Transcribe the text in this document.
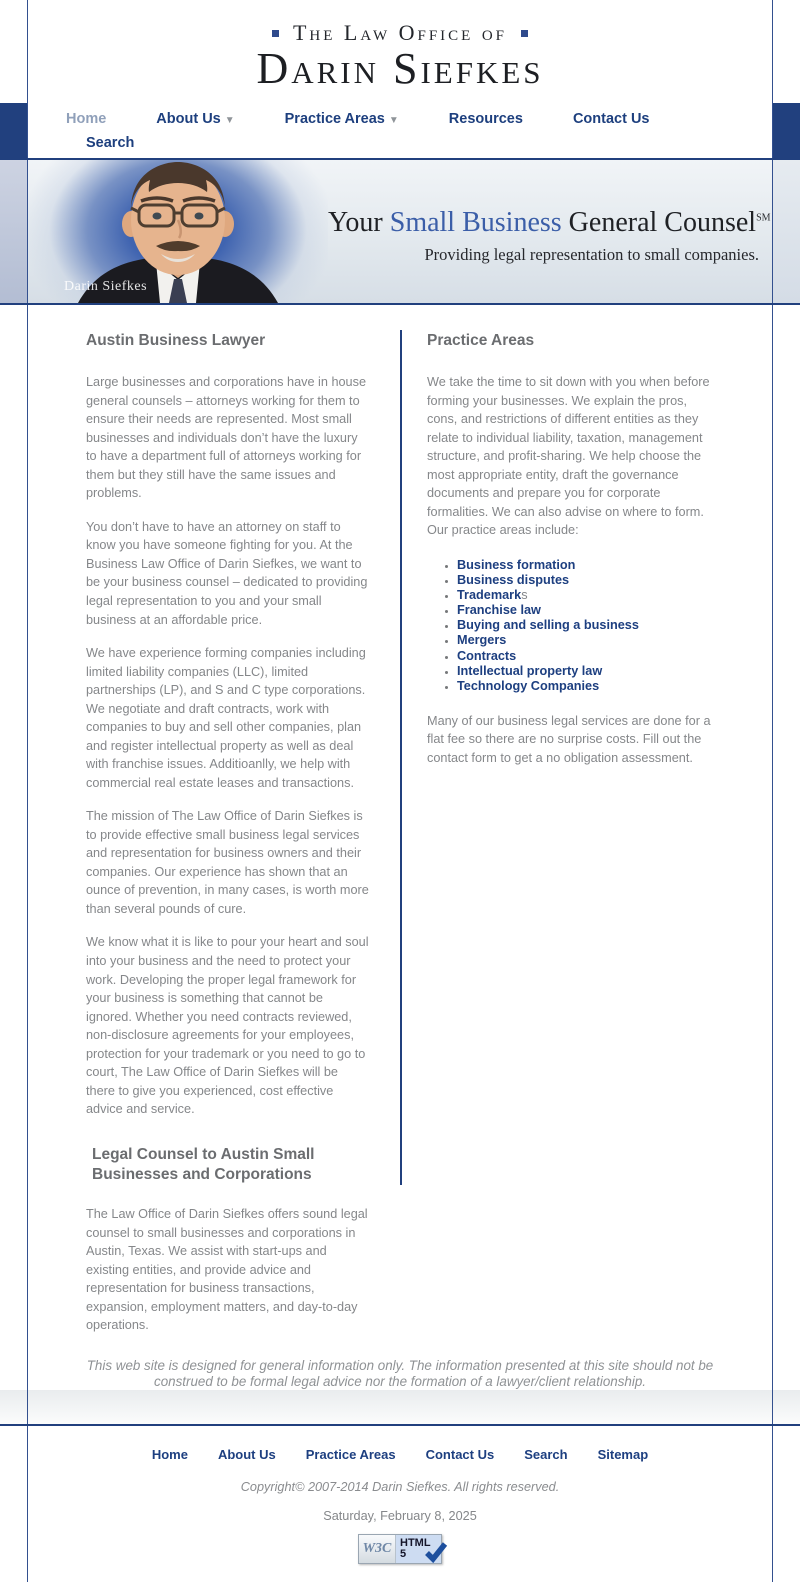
The Law Office of
Darin Siefkes
Home	About Us ▼	Practice Areas ▼	Resources	Contact Us
Search
Darin Siefkes
Your Small Business General Counsel℠
Providing legal representation to small companies.
Austin Business Lawyer

Large businesses and corporations have in house general counsels – attorneys working for them to ensure their needs are represented. Most small businesses and individuals don’t have the luxury to have a department full of attorneys working for them but they still have the same issues and problems.

You don’t have to have an attorney on staff to know you have someone fighting for you. At the Business Law Office of Darin Siefkes, we want to be your business counsel – dedicated to providing legal representation to you and your small business at an affordable price.

We have experience forming companies including limited liability companies (LLC), limited partnerships (LP), and S and C type corporations. We negotiate and draft contracts, work with companies to buy and sell other companies, plan and register intellectual property as well as deal with franchise issues. Additioanlly, we help with commercial real estate leases and transactions.

The mission of The Law Office of Darin Siefkes is to provide effective small business legal services and representation for business owners and their companies. Our experience has shown that an ounce of prevention, in many cases, is worth more than several pounds of cure.

We know what it is like to pour your heart and soul into your business and the need to protect your work. Developing the proper legal framework for your business is something that cannot be ignored. Whether you need contracts reviewed, non-disclosure agreements for your employees, protection for your trademark or you need to go to court, The Law Office of Darin Siefkes will be there to give you experienced, cost effective advice and service.

Legal Counsel to Austin Small Businesses and Corporations

The Law Office of Darin Siefkes offers sound legal counsel to small businesses and corporations in Austin, Texas. We assist with start-ups and existing entities, and provide advice and representation for business transactions, expansion, employment matters, and day-to-day operations.

Practice Areas

We take the time to sit down with you when before forming your businesses. We explain the pros, cons, and restrictions of different entities as they relate to individual liability, taxation, management structure, and profit-sharing. We help choose the most appropriate entity, draft the governance documents and prepare you for corporate formalities. We can also advise on where to form. Our practice areas include:

• Business formation
• Business disputes
• Trademarks
• Franchise law
• Buying and selling a business
• Mergers
• Contracts
• Intellectual property law
• Technology Companies

Many of our business legal services are done for a flat fee so there are no surprise costs. Fill out the contact form to get a no obligation assessment.

This web site is designed for general information only. The information presented at this site should not be construed to be formal legal advice nor the formation of a lawyer/client relationship.

Home About Us Practice Areas Contact Us Search Sitemap
Copyright© 2007-2014 Darin Siefkes. All rights reserved.
Saturday, February 8, 2025
W3C HTML
5
